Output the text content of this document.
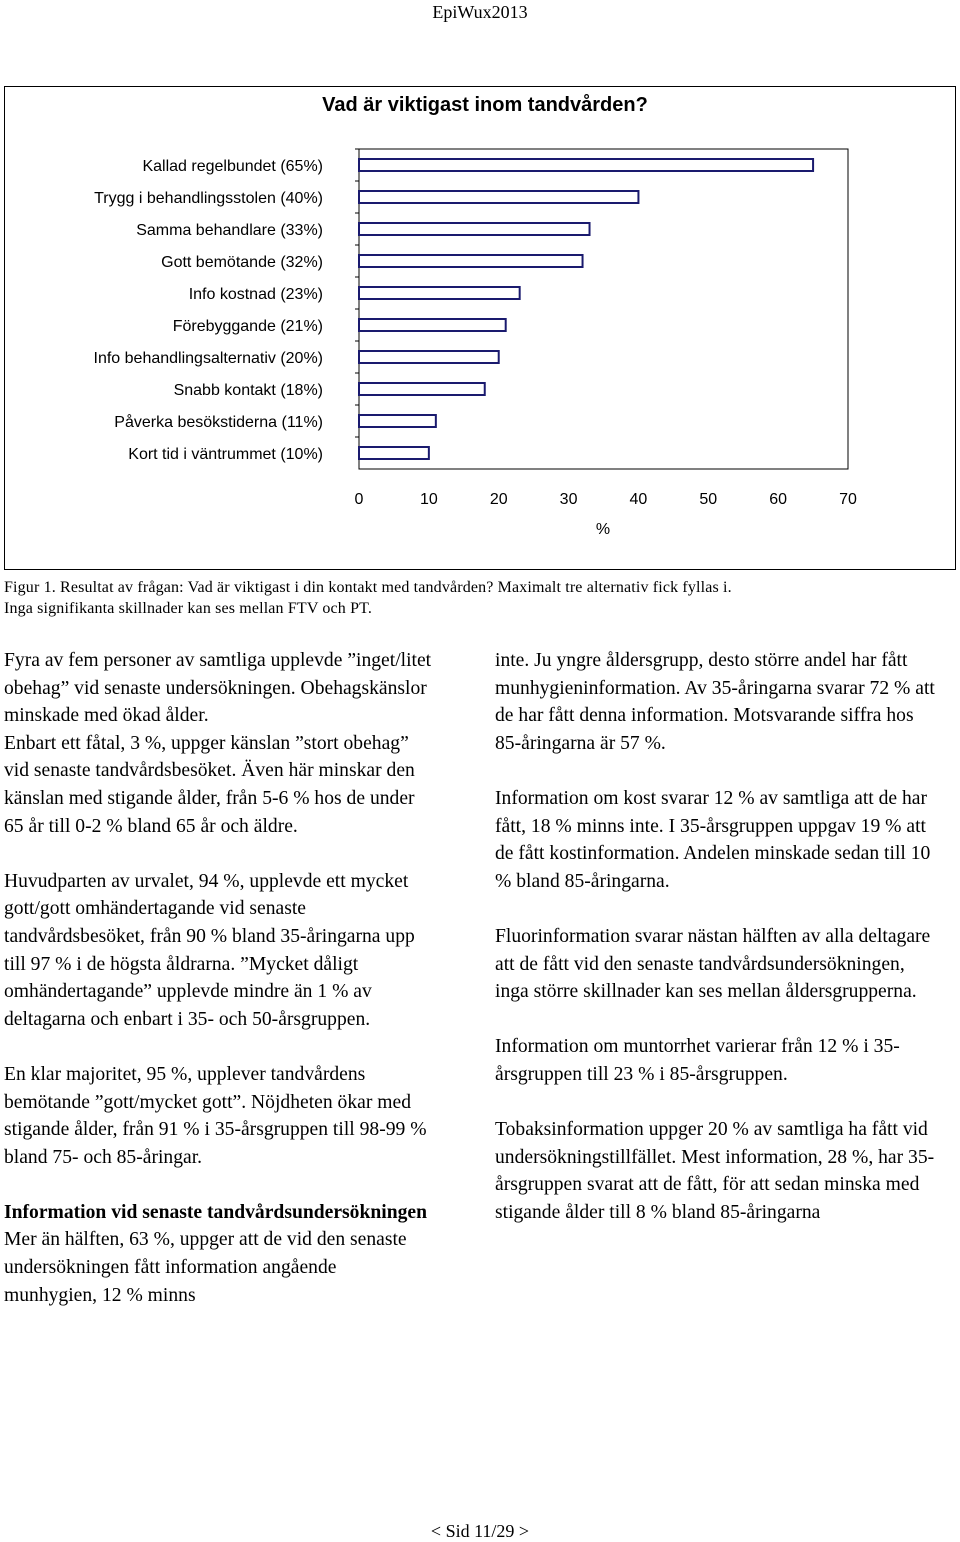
EpiWux2013
Vad är viktigast inom tandvården?
Kallad regelbundet (65%)
Trygg i behandlingsstolen (40%)
Samma behandlare (33%)
Gott bemötande (32%)
Info kostnad (23%)
Förebyggande (21%)
Info behandlingsalternativ (20%)
Snabb kontakt (18%)
Påverka besökstiderna (11%)
Kort tid i väntrummet (10%)
0	10	20	30	40	50	60	70
%
Figur 1. Resultat av frågan: Vad är viktigast i din kontakt med tandvården? Maximalt tre alternativ fick fyllas i.
Inga signifikanta skillnader kan ses mellan FTV och PT.

Fyra av fem personer av samtliga upplevde ”inget/litet obehag” vid senaste undersökningen. Obehagskänslor minskade med ökad ålder.

Enbart ett fåtal, 3 %, uppger känslan ”stort obehag” vid senaste tandvårdsbesöket. Även här minskar den känslan med stigande ålder, från 5-6 % hos de under 65 år till 0-2 % bland 65 år och äldre.

Huvudparten av urvalet, 94 %, upplevde ett mycket gott/gott omhändertagande vid senaste tandvårdsbesöket, från 90 % bland 35-åringarna upp till 97 % i de högsta åldrarna. ”Mycket dåligt omhändertagande” upplevde mindre än 1 % av deltagarna och enbart i 35- och 50-årsgruppen.

En klar majoritet, 95 %, upplever tandvårdens bemötande ”gott/mycket gott”. Nöjdheten ökar med stigande ålder, från 91 % i 35-årsgruppen till 98-99 % bland 75- och 85-åringar.

Information vid senaste tandvårdsundersökningen
Mer än hälften, 63 %, uppger att de vid den senaste undersökningen fått information angående munhygien, 12 % minns

inte. Ju yngre åldersgrupp, desto större andel har fått munhygieninformation. Av 35-åringarna svarar 72 % att de har fått denna information. Motsvarande siffra hos 85-åringarna är 57 %.

Information om kost svarar 12 % av samtliga att de har fått, 18 % minns inte. I 35-årsgruppen uppgav 19 % att de fått kostinformation. Andelen minskade sedan till 10 % bland 85-åringarna.

Fluorinformation svarar nästan hälften av alla deltagare att de fått vid den senaste tandvårdsundersökningen, inga större skillnader kan ses mellan åldersgrupperna.

Information om muntorrhet varierar från 12 % i 35-årsgruppen till 23 % i 85-årsgruppen.

Tobaksinformation uppger 20 % av samtliga ha fått vid undersökningstillfället. Mest information, 28 %, har 35-årsgruppen svarat att de fått, för att sedan minska med stigande ålder till 8 % bland 85-åringarna

< Sid 11/29 >
